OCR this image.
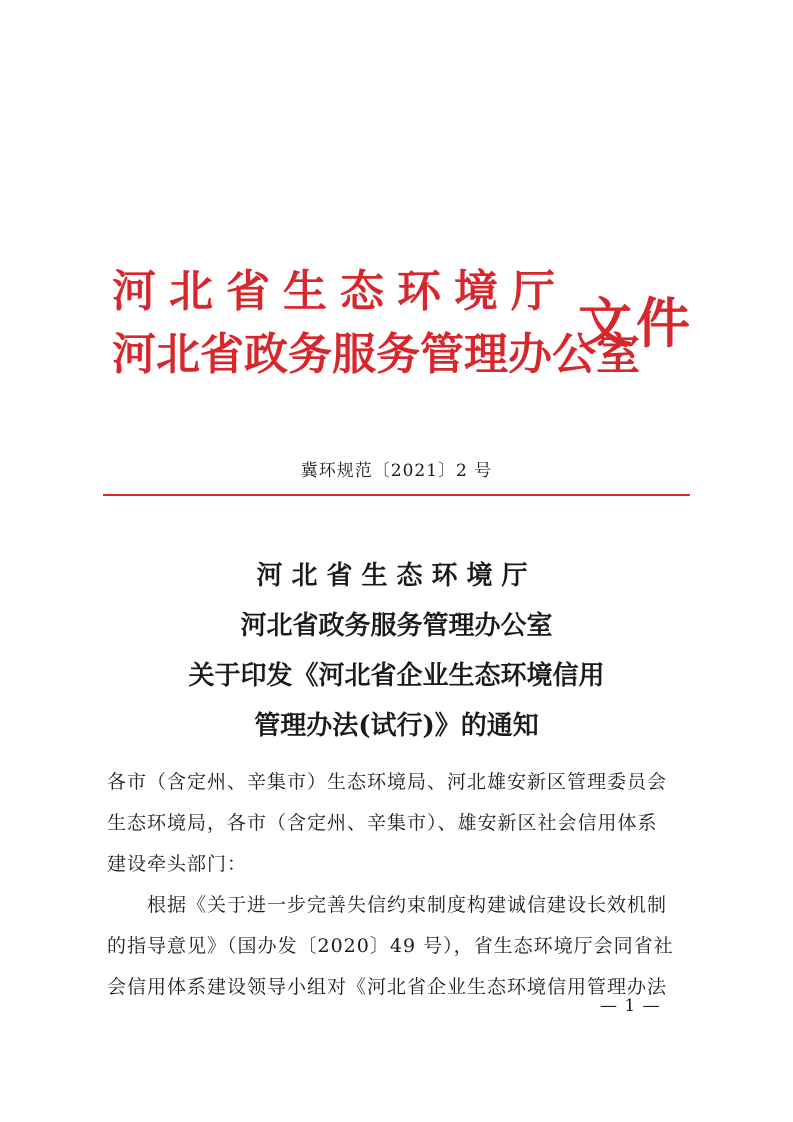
河北省生态环境厅
河北省政务服务管理办公室
文件
冀环规范〔2021〕2 号
河北省生态环境厅
河北省政务服务管理办公室
关于印发《河北省企业生态环境信用
管理办法(试行)》的通知
各市（含定州、辛集市）生态环境局、河北雄安新区管理委员会
生态环境局，各市（含定州、辛集市）、雄安新区社会信用体系
建设牵头部门：
根据《关于进一步完善失信约束制度构建诚信建设长效机制
的指导意见》（国办发〔2020〕49 号），省生态环境厅会同省社
会信用体系建设领导小组对《河北省企业生态环境信用管理办法
— 1 —
